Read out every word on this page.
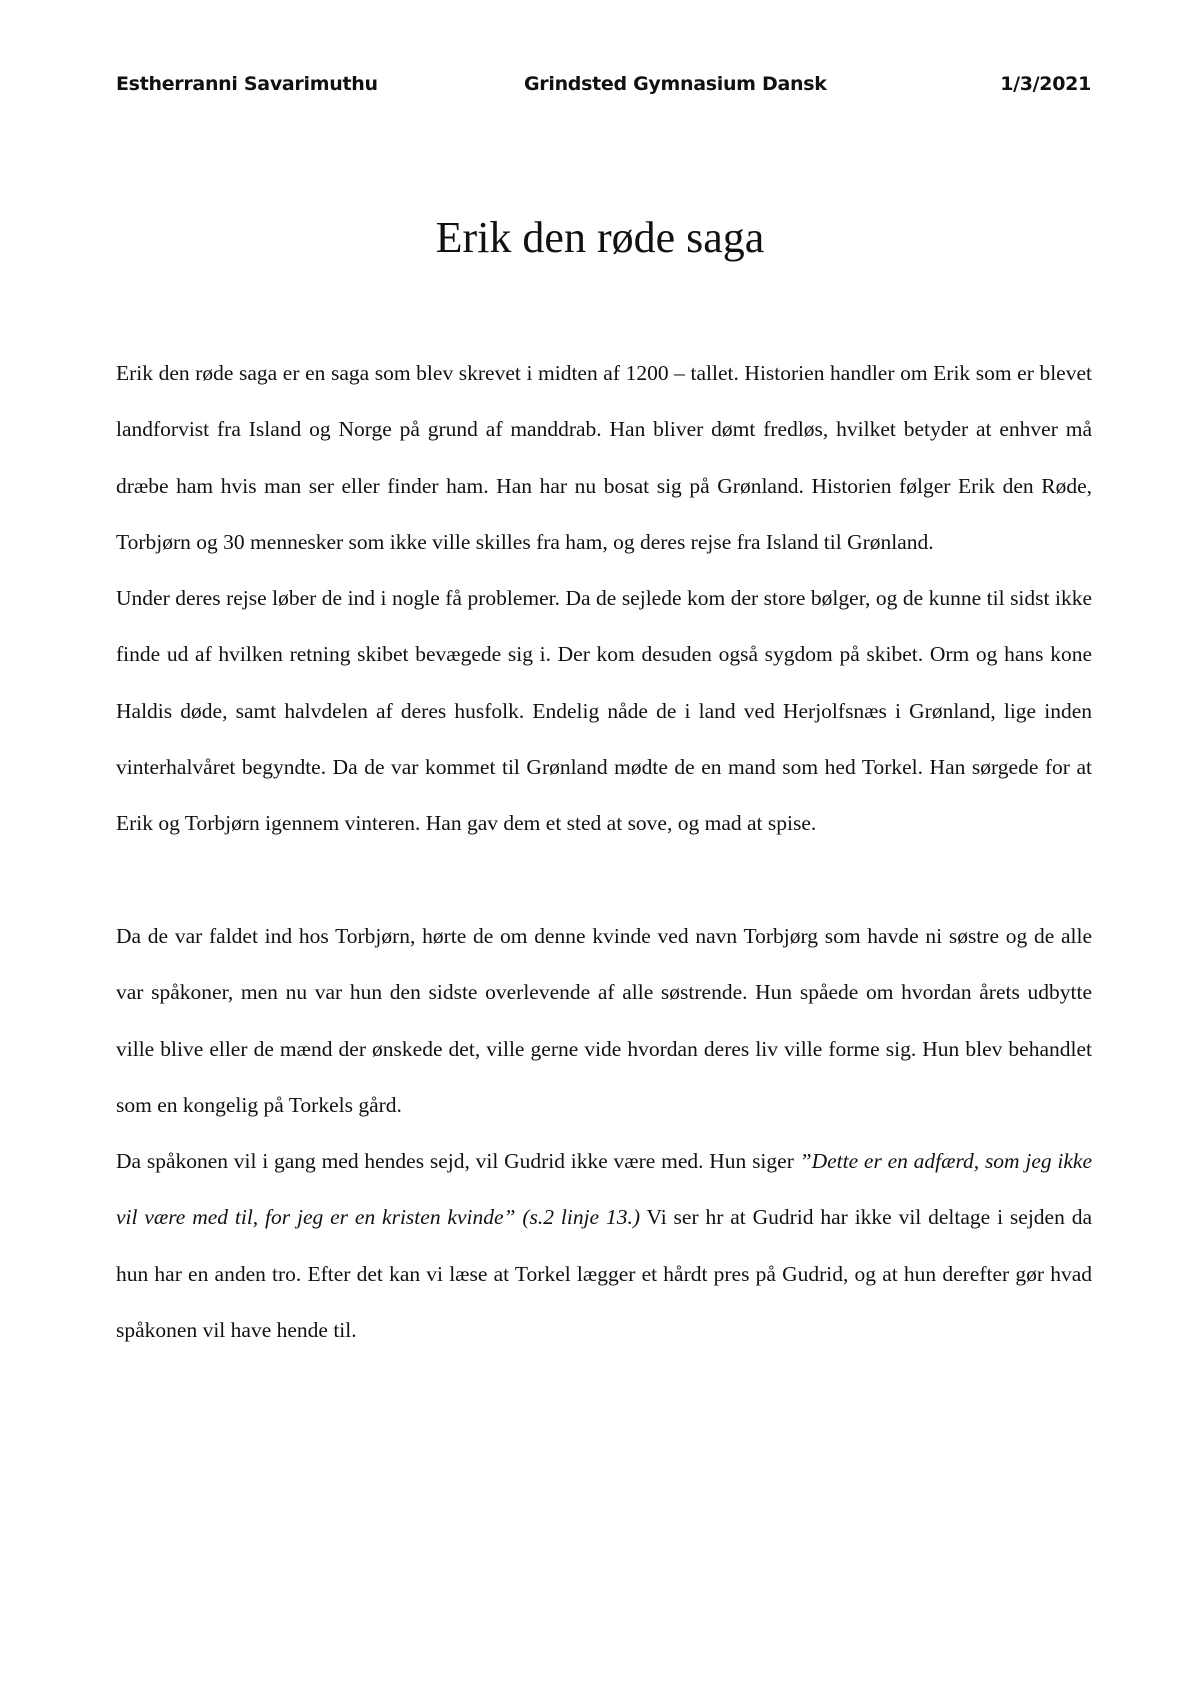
Estherranni Savarimuthu	Grindsted Gymnasium Dansk	1/3/2021
Erik den røde saga

Erik den røde saga er en saga som blev skrevet i midten af 1200 – tallet. Historien handler om Erik som er blevet landforvist fra Island og Norge på grund af manddrab. Han bliver dømt fredløs, hvilket betyder at enhver må dræbe ham hvis man ser eller finder ham. Han har nu bosat sig på Grønland. Historien følger Erik den Røde, Torbjørn og 30 mennesker som ikke ville skilles fra ham, og deres rejse fra Island til Grønland.

Under deres rejse løber de ind i nogle få problemer. Da de sejlede kom der store bølger, og de kunne til sidst ikke finde ud af hvilken retning skibet bevægede sig i. Der kom desuden også sygdom på skibet. Orm og hans kone Haldis døde, samt halvdelen af deres husfolk. Endelig nåde de i land ved Herjolfsnæs i Grønland, lige inden vinterhalvåret begyndte. Da de var kommet til Grønland mødte de en mand som hed Torkel. Han sørgede for at Erik og Torbjørn igennem vinteren. Han gav dem et sted at sove, og mad at spise.

Da de var faldet ind hos Torbjørn, hørte de om denne kvinde ved navn Torbjørg som havde ni søstre og de alle var spåkoner, men nu var hun den sidste overlevende af alle søstrende. Hun spåede om hvordan årets udbytte ville blive eller de mænd der ønskede det, ville gerne vide hvordan deres liv ville forme sig. Hun blev behandlet som en kongelig på Torkels gård.

Da spåkonen vil i gang med hendes sejd, vil Gudrid ikke være med. Hun siger ”Dette er en adfærd, som jeg ikke vil være med til, for jeg er en kristen kvinde” (s.2 linje 13.) Vi ser hr at Gudrid har ikke vil deltage i sejden da hun har en anden tro. Efter det kan vi læse at Torkel lægger et hårdt pres på Gudrid, og at hun derefter gør hvad spåkonen vil have hende til.
